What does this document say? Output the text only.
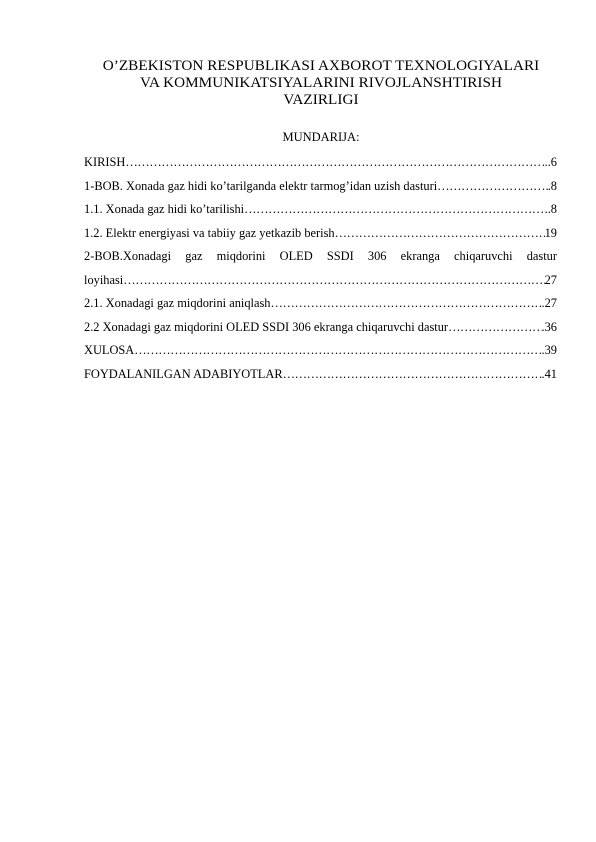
O’ZBEKISTON RESPUBLIKASI AXBOROT TEXNOLOGIYALARI
VA KOMMUNIKATSIYALARINI RIVOJLANSHTIRISH
VAZIRLIGI
MUNDARIJA:
KIRISH ……………………………………………………………………………………………………………………………………………………………………………………………………	..6
1-BOB. Xonada gaz hidi ko’tarilganda elektr tarmog’idan uzish dasturi ……………………………………………………………………………………………………………………………………………………………………………………………………	.8
1.1. Xonada gaz hidi ko’tarilishi ……………………………………………………………………………………………………………………………………………………………………………………………………	..8
1.2. Elektr energiyasi va tabiiy gaz yetkazib berish ……………………………………………………………………………………………………………………………………………………………………………………………………	19
2-BOB.Xonadagi gaz miqdorini OLED SSDI 306 ekranga chiqaruvchi dastur
loyihasi ……………………………………………………………………………………………………………………………………………………………………………………………………	27
2.1. Xonadagi gaz miqdorini aniqlash ……………………………………………………………………………………………………………………………………………………………………………………………………	.27
2.2 Xonadagi gaz miqdorini OLED SSDI 306 ekranga chiqaruvchi dastur ……………………………………………………………………………………………………………………………………………………………………………………………………	.36
XULOSA ……………………………………………………………………………………………………………………………………………………………………………………………………	.39
FOYDALANILGAN ADABIYOTLAR ……………………………………………………………………………………………………………………………………………………………………………………………………	.41
